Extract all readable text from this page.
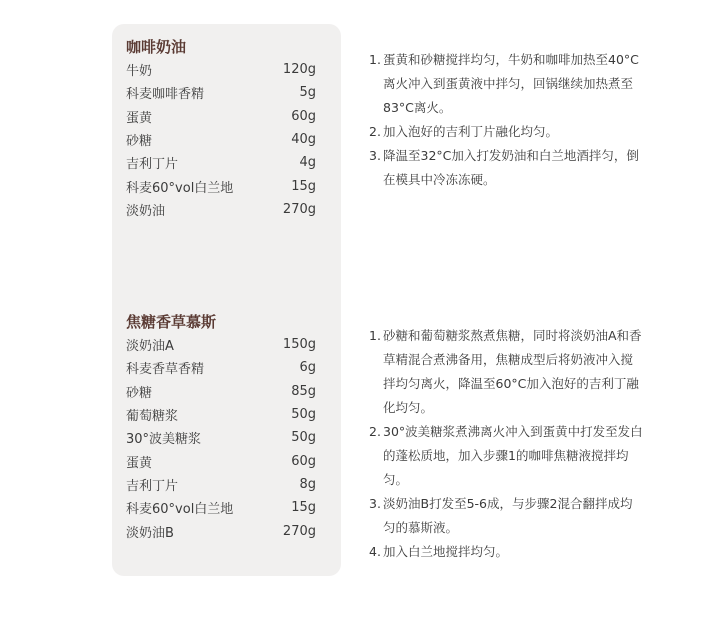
咖啡奶油
牛奶	120g
科麦咖啡香精	5g
蛋黄	60g
砂糖	40g
吉利丁片	4g
科麦60°vol白兰地	15g
淡奶油	270g
焦糖香草慕斯
淡奶油A	150g
科麦香草香精	6g
砂糖	85g
葡萄糖浆	50g
30°波美糖浆	50g
蛋黄	60g
吉利丁片	8g
科麦60°vol白兰地	15g
淡奶油B	270g
1. 蛋黄和砂糖搅拌均匀，牛奶和咖啡加热至40°C离火冲入到蛋黄液中拌匀，回锅继续加热煮至83°C离火。
2. 加入泡好的吉利丁片融化均匀。
3. 降温至32°C加入打发奶油和白兰地酒拌匀，倒在模具中冷冻冻硬。
1. 砂糖和葡萄糖浆熬煮焦糖，同时将淡奶油A和香草精混合煮沸备用，焦糖成型后将奶液冲入搅拌均匀离火，降温至60°C加入泡好的吉利丁融化均匀。
2. 30°波美糖浆煮沸离火冲入到蛋黄中打发至发白的蓬松质地，加入步骤1的咖啡焦糖液搅拌均匀。
3. 淡奶油B打发至5-6成，与步骤2混合翻拌成均匀的慕斯液。
4. 加入白兰地搅拌均匀。
